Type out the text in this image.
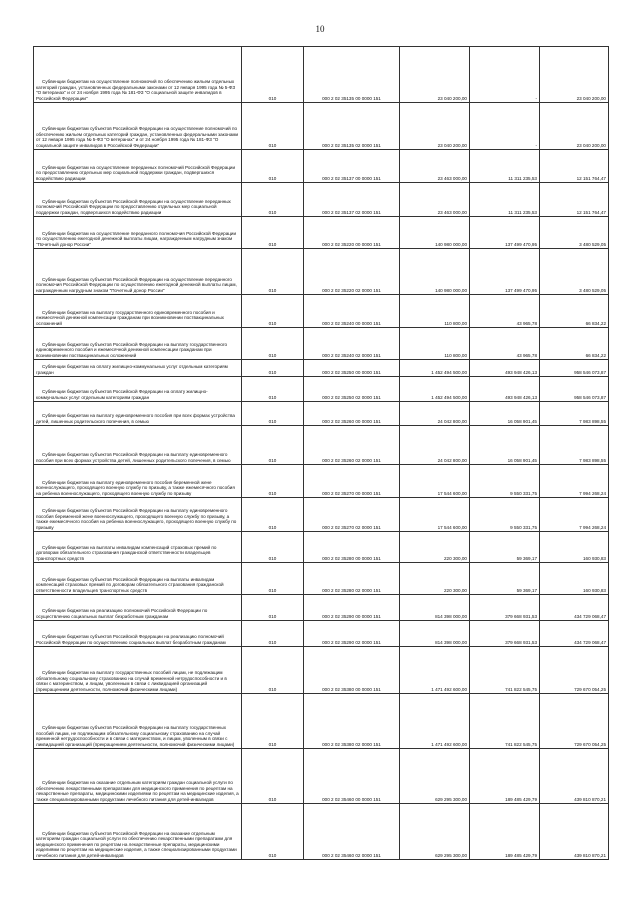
10
Субвенции бюджетам на осуществление полномочий по обеспечению жильем отдельных категорий граждан, установленных федеральными законами от 12 января 1995 года № 5-ФЗ "О ветеранах" и от 24 ноября 1995 года № 181-ФЗ "О социальной защите инвалидов в Российской Федерации"	010	000 2 02 35135 00 0000 151	23 040 200,00	-	23 040 200,00
Субвенции бюджетам субъектов Российской Федерации на осуществление полномочий по обеспечению жильем отдельных категорий граждан, установленных федеральными законами от 12 января 1995 года № 5-ФЗ "О ветеранах" и от 24 ноября 1995 года № 181-ФЗ "О социальной защите инвалидов в Российской Федерации"	010	000 2 02 35135 02 0000 151	23 040 200,00	-	23 040 200,00
Субвенции бюджетам на осуществление переданных полномочий Российской Федерации по предоставлению отдельных мер социальной поддержки граждан, подвергшихся воздействию радиации	010	000 2 02 35137 00 0000 151	23 463 000,00	11 311 235,53	12 151 764,47
Субвенции бюджетам субъектов Российской Федерации на осуществление переданных полномочий Российской Федерации по предоставлению отдельных мер социальной поддержки граждан, подвергшихся воздействию радиации	010	000 2 02 35137 02 0000 151	23 463 000,00	11 311 235,53	12 151 764,47
Субвенции бюджетам на осуществление переданного полномочия Российской Федерации по осуществлению ежегодной денежной выплаты лицам, награжденным нагрудным знаком "Почетный донор России"	010	000 2 02 35220 00 0000 151	140 980 000,00	137 499 470,95	3 480 529,05
Субвенции бюджетам субъектов Российской Федерации на осуществление переданного полномочия Российской Федерации по осуществлению ежегодной денежной выплаты лицам, награжденным нагрудным знаком "Почетный донор России"	010	000 2 02 35220 02 0000 151	140 980 000,00	137 499 470,95	3 480 529,05
Субвенции бюджетам на выплату государственного единовременного пособия и ежемесячной денежной компенсации гражданам при возникновении поствакцинальных осложнений	010	000 2 02 35240 00 0000 151	110 800,00	43 965,78	66 834,22
Субвенции бюджетам субъектов Российской Федерации на выплату государственного единовременного пособия и ежемесячной денежной компенсации гражданам при возникновении поствакцинальных осложнений	010	000 2 02 35240 02 0000 151	110 800,00	43 965,78	66 834,22
Субвенции бюджетам на оплату жилищно-коммунальных услуг отдельным категориям граждан	010	000 2 02 35250 00 0000 151	1 452 494 500,00	493 948 426,13	958 546 073,87
Субвенции бюджетам субъектов Российской Федерации на оплату жилищно-коммунальных услуг отдельным категориям граждан	010	000 2 02 35250 02 0000 151	1 452 494 500,00	493 948 426,13	958 546 073,87
Субвенции бюджетам на выплату единовременного пособия при всех формах устройства детей, лишенных родительского попечения, в семью	010	000 2 02 35260 00 0000 151	24 042 800,00	16 058 901,45	7 983 898,55
Субвенции бюджетам субъектов Российской Федерации на выплату единовременного пособия при всех формах устройства детей, лишенных родительского попечения, в семью	010	000 2 02 35260 02 0000 151	24 042 800,00	16 058 901,45	7 983 898,55
Субвенции бюджетам на выплату единовременного пособия беременной жене военнослужащего, проходящего военную службу по призыву, а также ежемесячного пособия на ребенка военнослужащего, проходящего военную службу по призыву	010	000 2 02 35270 00 0000 151	17 544 600,00	9 550 331,75	7 994 268,24
Субвенции бюджетам субъектов Российской Федерации на выплату единовременного пособия беременной жене военнослужащего, проходящего военную службу по призыву, а также ежемесячного пособия на ребенка военнослужащего, проходящего военную службу по призыву	010	000 2 02 35270 02 0000 151	17 544 600,00	9 550 331,75	7 994 268,24
Субвенции бюджетам на выплаты инвалидам компенсаций страховых премий по договорам обязательного страхования гражданской ответственности владельцев транспортных средств	010	000 2 02 35280 00 0000 151	220 300,00	59 369,17	160 930,83
Субвенции бюджетам субъектов Российской Федерации на выплаты инвалидам компенсаций страховых премий по договорам обязательного страхования гражданской ответственности владельцев транспортных средств	010	000 2 02 35280 02 0000 151	220 300,00	59 369,17	160 930,83
Субвенции бюджетам на реализацию полномочий Российской Федерации по осуществлению социальных выплат безработным гражданам	010	000 2 02 35290 00 0000 151	814 398 000,00	379 668 931,53	434 729 068,47
Субвенции бюджетам субъектов Российской Федерации на реализацию полномочий Российской Федерации по осуществлению социальных выплат безработным гражданам	010	000 2 02 35290 02 0000 151	814 398 000,00	379 668 931,53	434 729 068,47
Субвенции бюджетам на выплату государственных пособий лицам, не подлежащим обязательному социальному страхованию на случай временной нетрудоспособности и в связи с материнством, и лицам, уволенным в связи с ликвидацией организаций (прекращением деятельности, полномочий физическими лицами)	010	000 2 02 35380 00 0000 151	1 471 492 600,00	741 822 545,75	729 670 054,25
Субвенции бюджетам субъектов Российской Федерации на выплату государственных пособий лицам, не подлежащим обязательному социальному страхованию на случай временной нетрудоспособности и в связи с материнством, и лицам, уволенным в связи с ликвидацией организаций (прекращением деятельности, полномочий физическими лицами)	010	000 2 02 35380 02 0000 151	1 471 492 600,00	741 822 545,75	729 670 054,25
Субвенции бюджетам на оказание отдельным категориям граждан социальной услуги по обеспечению лекарственными препаратами для медицинского применения по рецептам на лекарственные препараты, медицинскими изделиями по рецептам на медицинские изделия, а также специализированными продуктами лечебного питания для детей-инвалидов	010	000 2 02 35460 00 0000 151	629 295 300,00	189 485 429,79	439 810 870,21
Субвенции бюджетам субъектов Российской Федерации на оказание отдельным категориям граждан социальной услуги по обеспечению лекарственными препаратами для медицинского применения по рецептам на лекарственные препараты, медицинскими изделиями по рецептам на медицинские изделия, а также специализированными продуктами лечебного питания для детей-инвалидов	010	000 2 02 35460 02 0000 151	629 295 300,00	189 485 429,79	439 810 870,21
